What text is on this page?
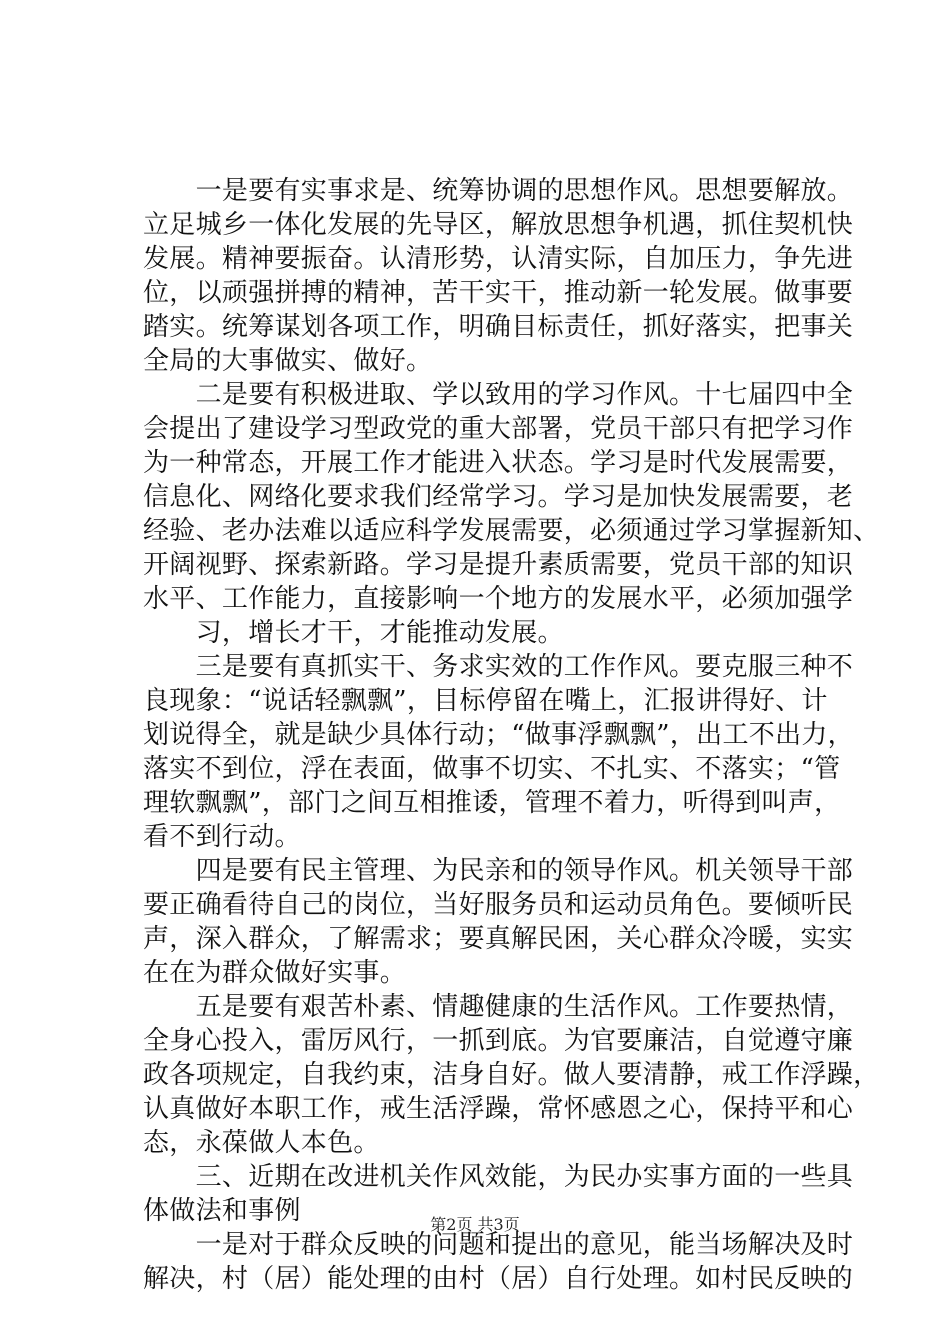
　　一是要有实事求是、统筹协调的思想作风。思想要解放。
立足城乡一体化发展的先导区，解放思想争机遇，抓住契机快
发展。精神要振奋。认清形势，认清实际，自加压力，争先进
位，以顽强拼搏的精神，苦干实干，推动新一轮发展。做事要
踏实。统筹谋划各项工作，明确目标责任，抓好落实，把事关
全局的大事做实、做好。
　　二是要有积极进取、学以致用的学习作风。十七届四中全
会提出了建设学习型政党的重大部署，党员干部只有把学习作
为一种常态，开展工作才能进入状态。学习是时代发展需要，
信息化、网络化要求我们经常学习。学习是加快发展需要，老
经验、老办法难以适应科学发展需要，必须通过学习掌握新知、
开阔视野、探索新路。学习是提升素质需要，党员干部的知识
水平、工作能力，直接影响一个地方的发展水平，必须加强学
　　习，增长才干，才能推动发展。
　　三是要有真抓实干、务求实效的工作作风。要克服三种不
良现象：“说话轻飘飘”，目标停留在嘴上，汇报讲得好、计
划说得全，就是缺少具体行动；“做事浮飘飘”，出工不出力，
落实不到位，浮在表面，做事不切实、不扎实、不落实；“管
理软飘飘”，部门之间互相推诿，管理不着力，听得到叫声，
看不到行动。
　　四是要有民主管理、为民亲和的领导作风。机关领导干部
要正确看待自己的岗位，当好服务员和运动员角色。要倾听民
声，深入群众，了解需求；要真解民困，关心群众冷暖，实实
在在为群众做好实事。
　　五是要有艰苦朴素、情趣健康的生活作风。工作要热情，
全身心投入，雷厉风行，一抓到底。为官要廉洁，自觉遵守廉
政各项规定，自我约束，洁身自好。做人要清静，戒工作浮躁，
认真做好本职工作，戒生活浮躁，常怀感恩之心，保持平和心
态，永葆做人本色。
　　三、近期在改进机关作风效能，为民办实事方面的一些具
体做法和事例
　　一是对于群众反映的问题和提出的意见，能当场解决及时
解决，村（居）能处理的由村（居）自行处理。如村民反映的
第2页 共3页
